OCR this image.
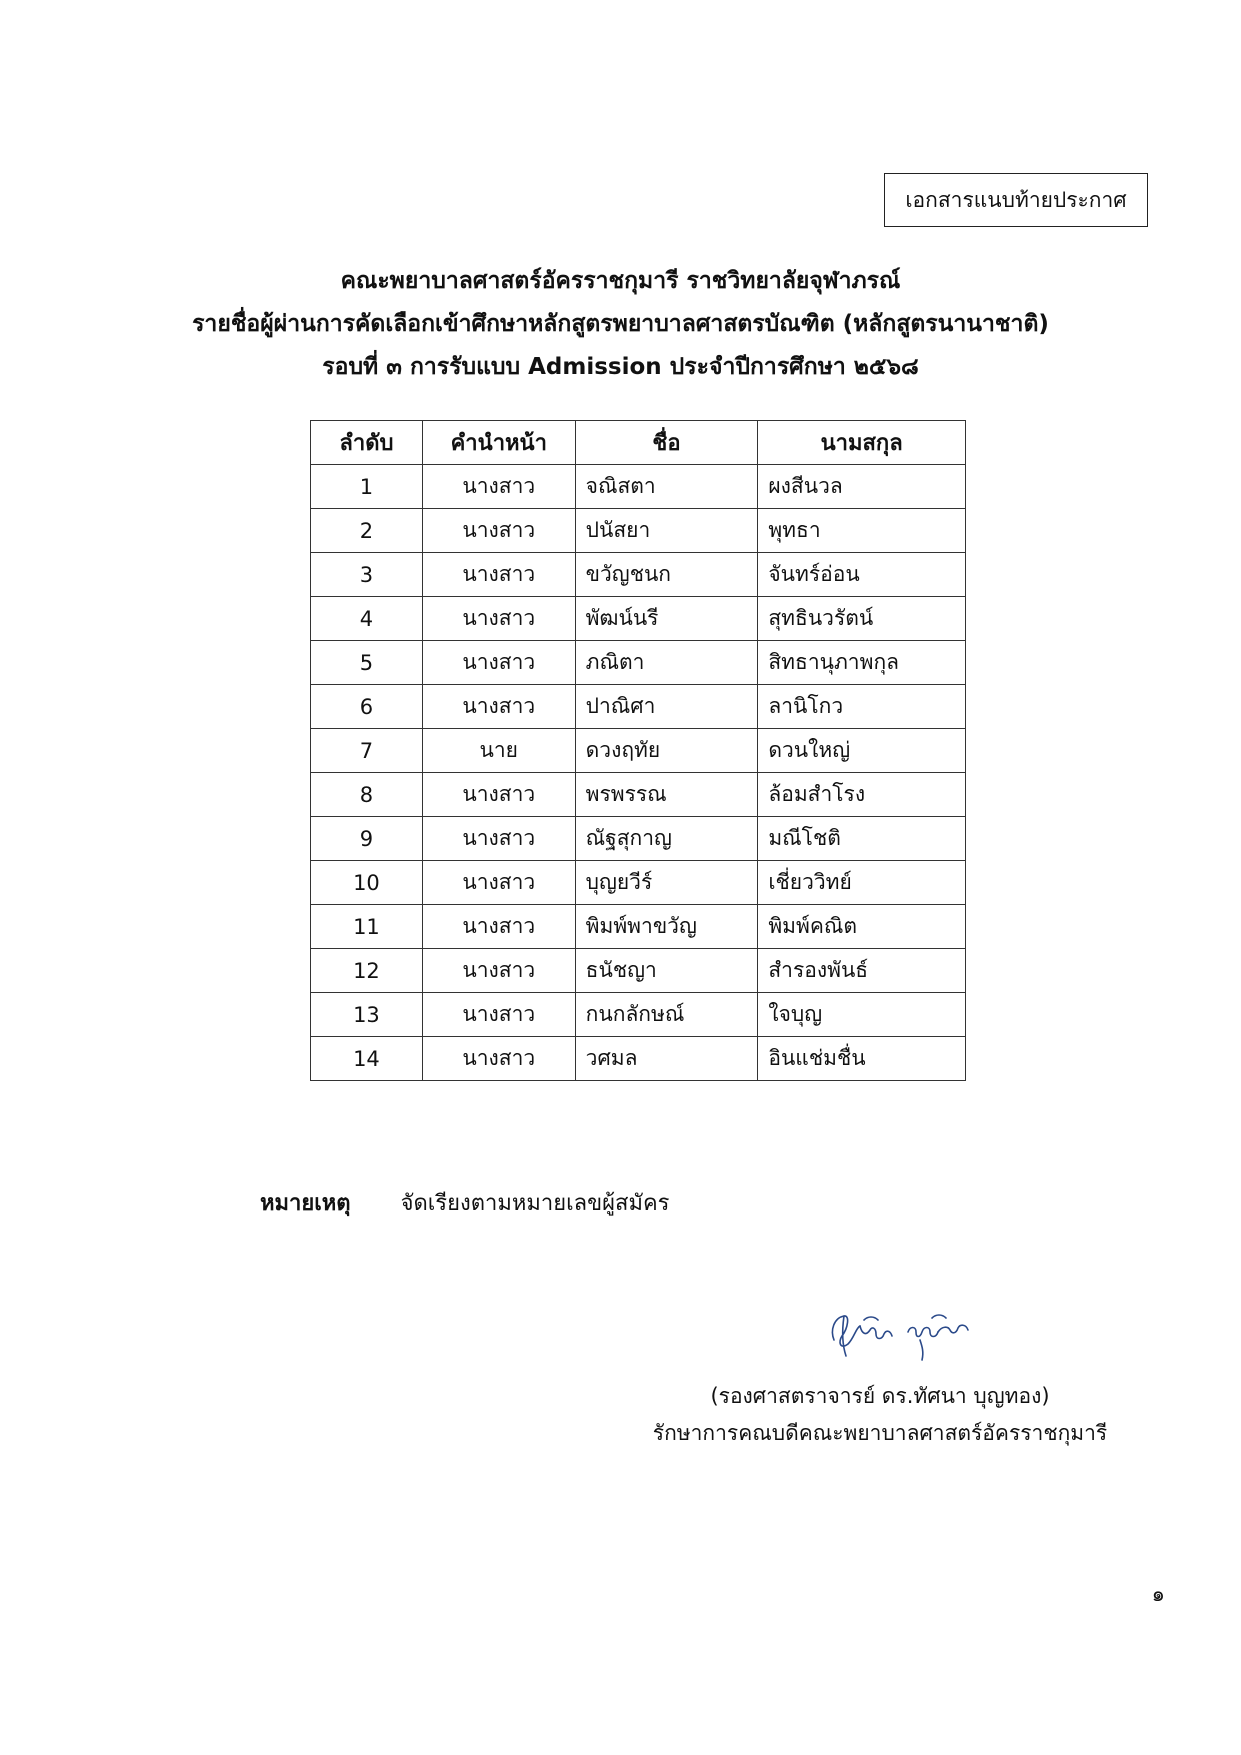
เอกสารแนบท้ายประกาศ
คณะพยาบาลศาสตร์อัครราชกุมารี ราชวิทยาลัยจุฬาภรณ์
รายชื่อผู้ผ่านการคัดเลือกเข้าศึกษาหลักสูตรพยาบาลศาสตรบัณฑิต (หลักสูตรนานาชาติ)
รอบที่ ๓ การรับแบบ Admission ประจำปีการศึกษา ๒๕๖๘
ลำดับ	คำนำหน้า	ชื่อ	นามสกุล
1	นางสาว	จณิสตา	ผงสีนวล
2	นางสาว	ปนัสยา	พุทธา
3	นางสาว	ขวัญชนก	จันทร์อ่อน
4	นางสาว	พัฒน์นรี	สุทธินวรัตน์
5	นางสาว	ภณิตา	สิทธานุภาพกุล
6	นางสาว	ปาณิศา	ลานิโกว
7	นาย	ดวงฤทัย	ดวนใหญ่
8	นางสาว	พรพรรณ	ล้อมสำโรง
9	นางสาว	ณัฐสุกาญ	มณีโชติ
10	นางสาว	บุญยวีร์	เชี่ยววิทย์
11	นางสาว	พิมพ์พาขวัญ	พิมพ์คณิต
12	นางสาว	ธนัชญา	สำรองพันธ์
13	นางสาว	กนกลักษณ์	ใจบุญ
14	นางสาว	วศมล	อินแช่มชื่น
หมายเหตุ จัดเรียงตามหมายเลขผู้สมัคร
(รองศาสตราจารย์ ดร.ทัศนา บุญทอง)
รักษาการคณบดีคณะพยาบาลศาสตร์อัครราชกุมารี
๑
